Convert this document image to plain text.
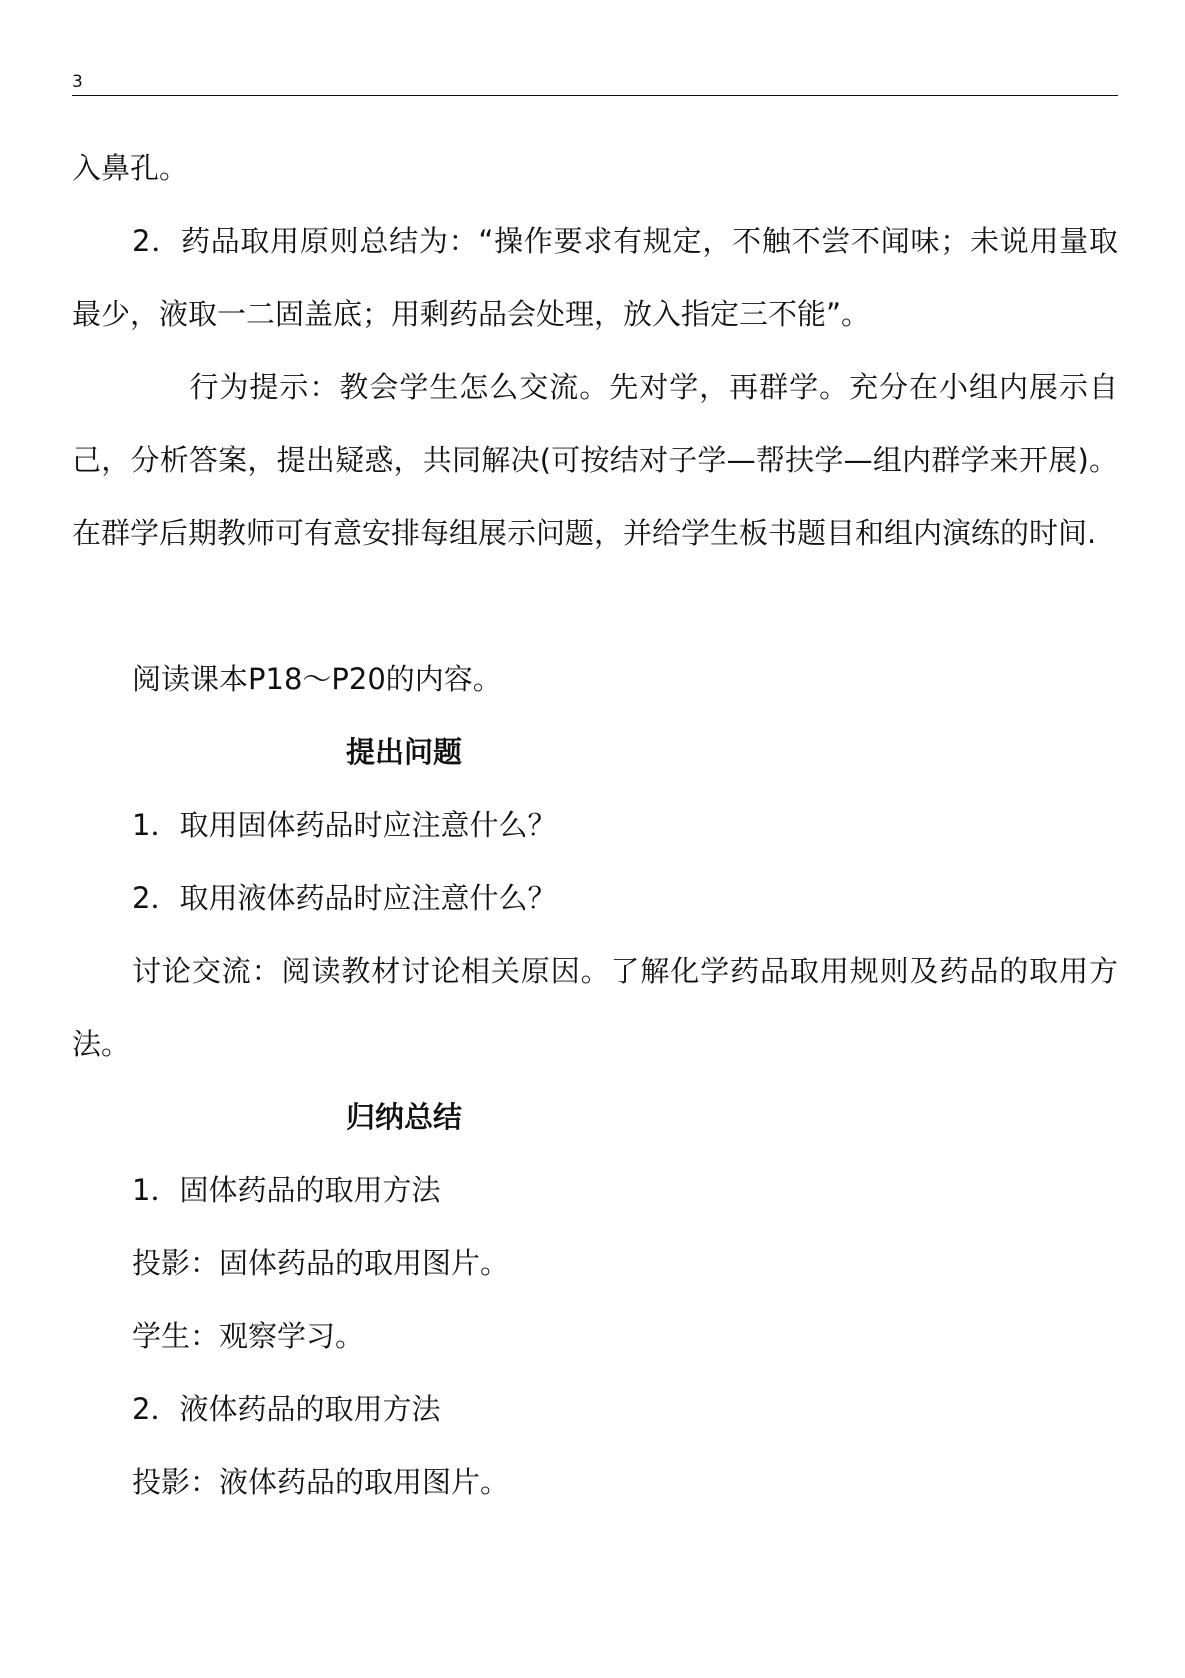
3

入鼻孔。

2．药品取用原则总结为：“操作要求有规定，不触不尝不闻味；未说用量取最少，液取一二固盖底；用剩药品会处理，放入指定三不能”。

行为提示：教会学生怎么交流。先对学，再群学。充分在小组内展示自己，分析答案，提出疑惑，共同解决(可按结对子学—帮扶学—组内群学来开展)。在群学后期教师可有意安排每组展示问题，并给学生板书题目和组内演练的时间.

阅读课本P18～P20的内容。

提出问题

1．取用固体药品时应注意什么？

2．取用液体药品时应注意什么？

讨论交流：阅读教材讨论相关原因。了解化学药品取用规则及药品的取用方法。

归纳总结

1．固体药品的取用方法

投影：固体药品的取用图片。

学生：观察学习。

2．液体药品的取用方法

投影：液体药品的取用图片。
